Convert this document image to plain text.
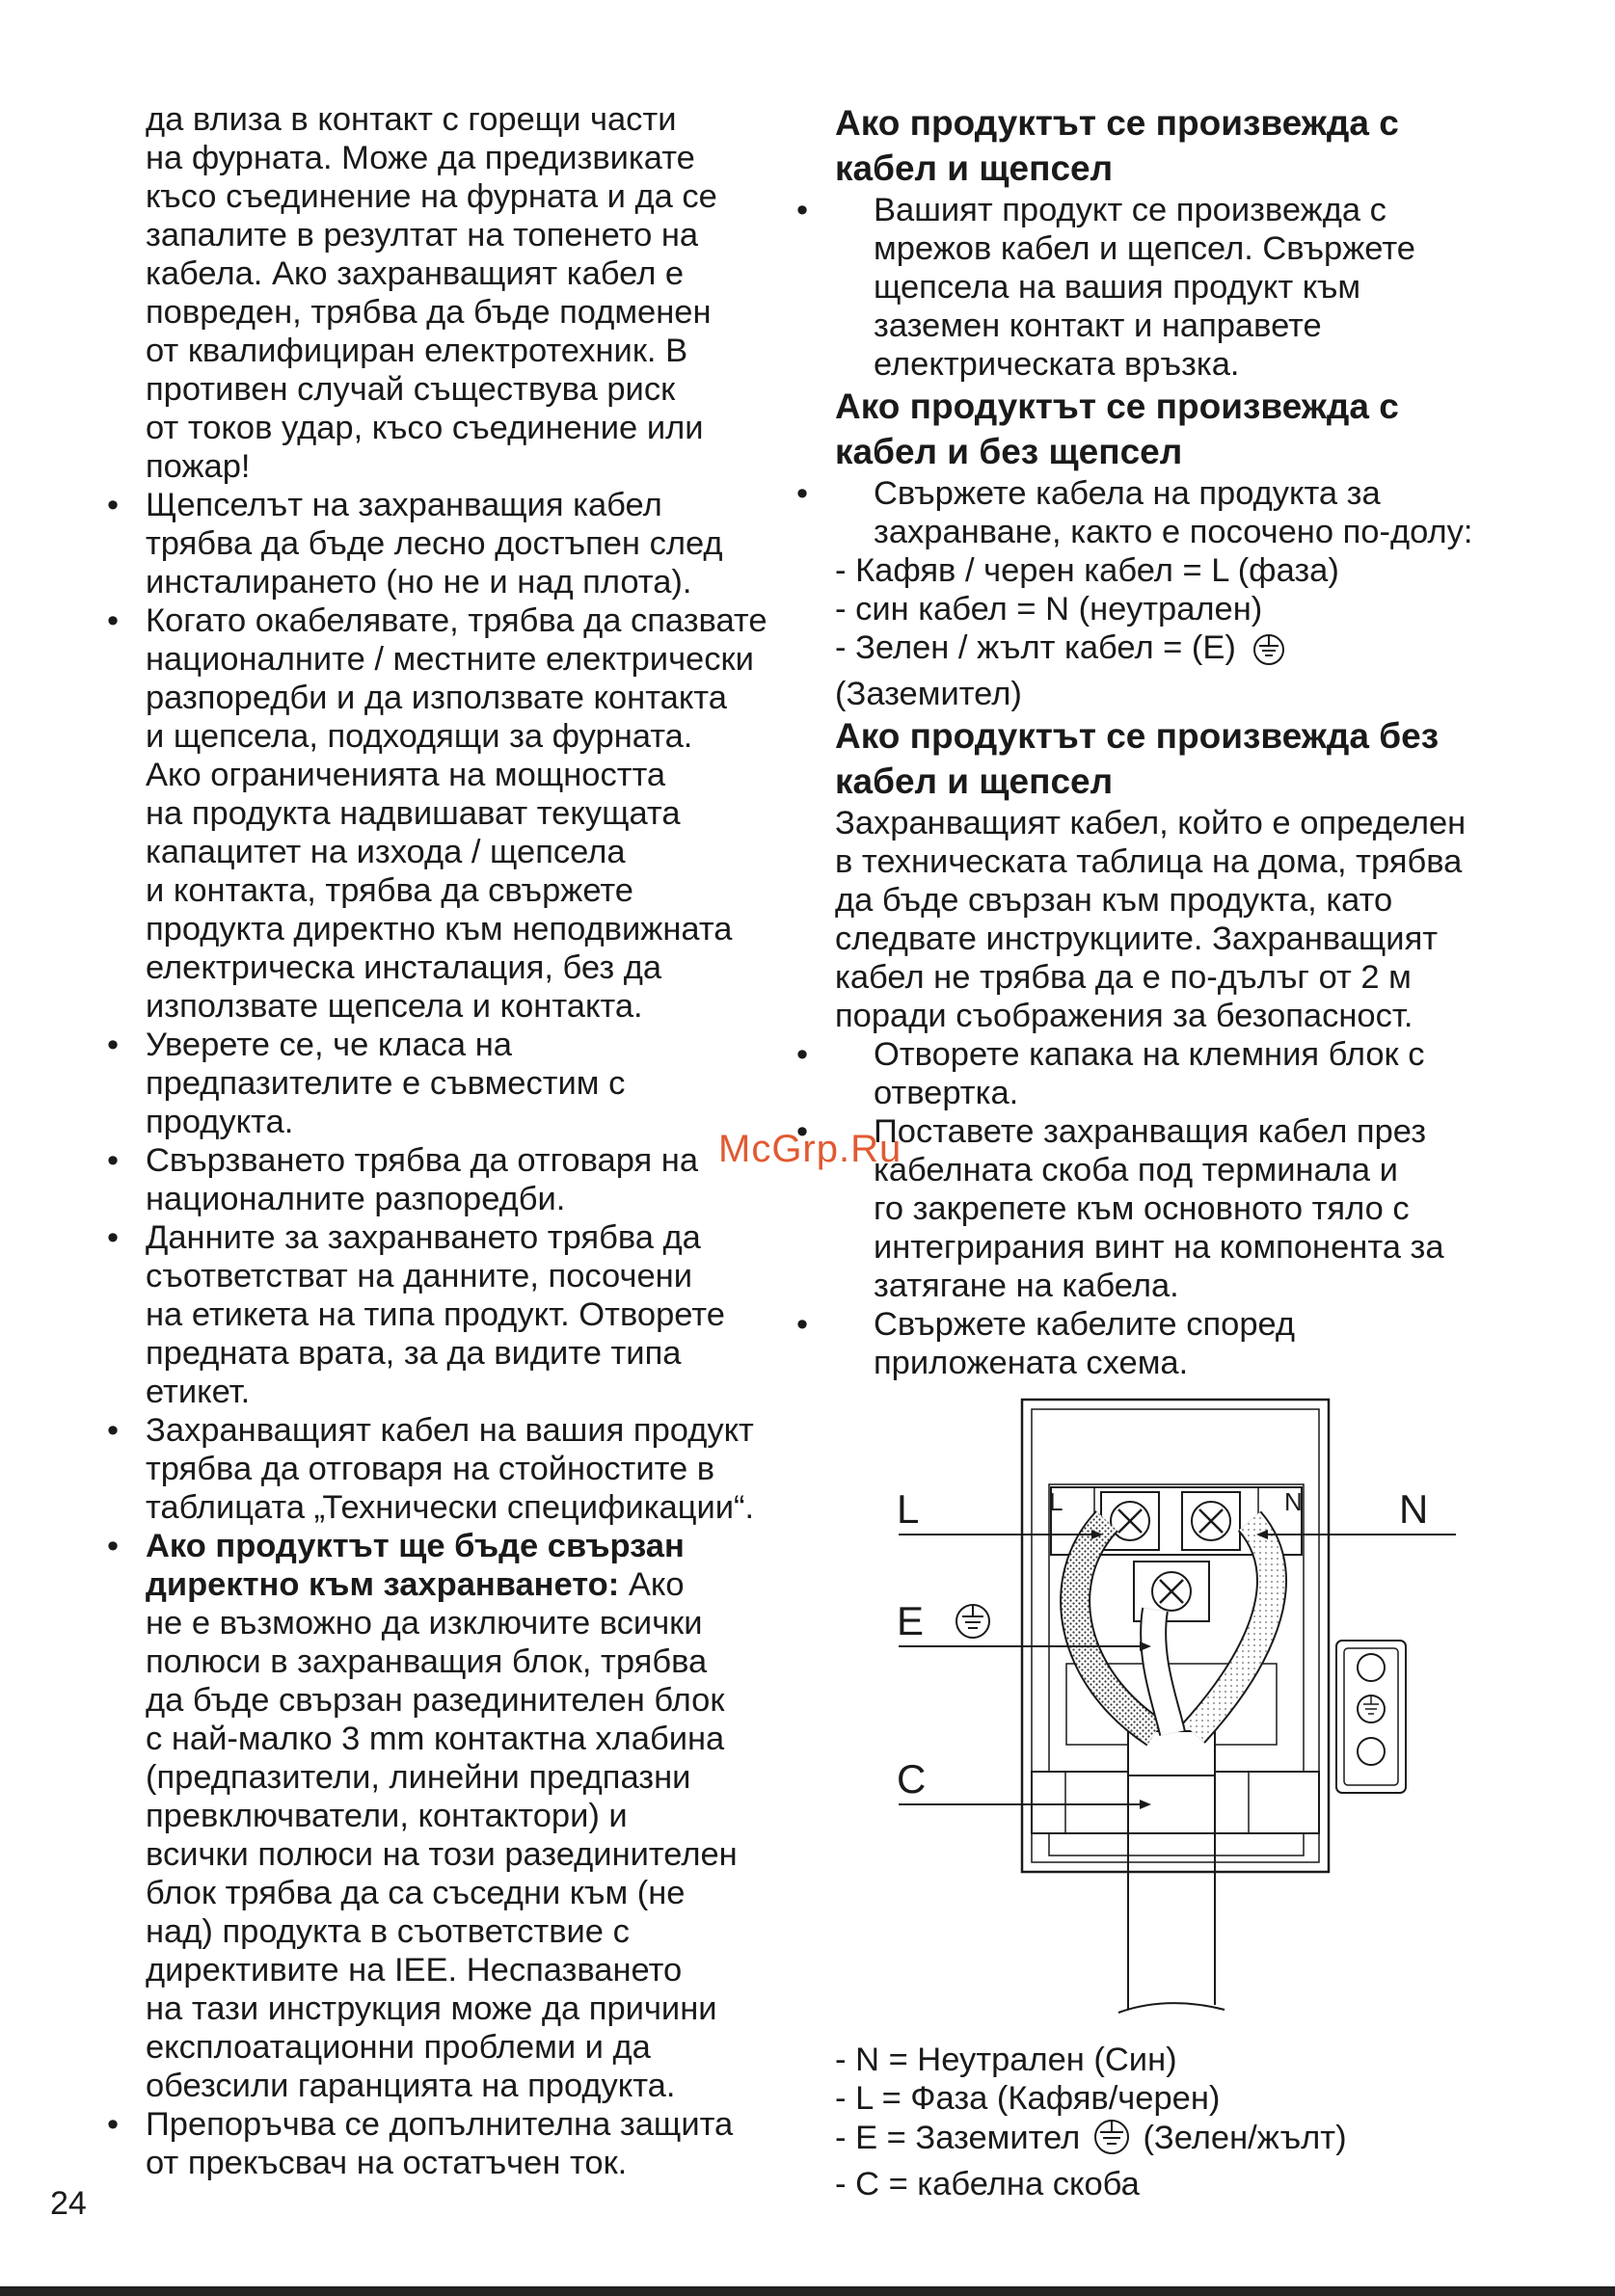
да влиза в контакт с горещи части

на фурната. Може да предизвикате

късо съединение на фурната и да се

запалите в резултат на топенето на

кабела. Ако захранващият кабел е

повреден, трябва да бъде подменен

от квалифициран електротехник. В

противен случай съществува риск

от токов удар, късо съединение или

пожар!

• Щепселът на захранващия кабел

трябва да бъде лесно достъпен след

инсталирането (но не и над плота).

• Когато окабелявате, трябва да спазвате

националните / местните електрически

разпоредби и да използвате контакта

и щепсела, подходящи за фурната.

Ако ограниченията на мощността

на продукта надвишават текущата

капацитет на изхода / щепсела

и контакта, трябва да свържете

продукта директно към неподвижната

електрическа инсталация, без да

използвате щепсела и контакта.

• Уверете се, че класа на

предпазителите е съвместим с

продукта.

• Свързването трябва да отговаря на

националните разпоредби.

• Данните за захранването трябва да

съответстват на данните, посочени

на етикета на типа продукт. Отворете

предната врата, за да видите типа

етикет.

• Захранващият кабел на вашия продукт

трябва да отговаря на стойностите в

таблицата „Технически спецификации“.

• Ако продуктът ще бъде свързан

директно към захранването: Ако

не е възможно да изключите всички

полюси в захранващия блок, трябва

да бъде свързан разединителен блок

с най-малко 3 mm контактна хлабина

(предпазители, линейни предпазни

превключватели, контактори) и

всички полюси на този разединителен

блок трябва да са съседни към (не

над) продукта в съответствие с

директивите на IEE. Неспазването

на тази инструкция може да причини

експлоатационни проблеми и да

обезсили гаранцията на продукта.

• Препоръчва се допълнителна защита

от прекъсвач на остатъчен ток.

Ако продуктът се произвежда с
кабел и щепсел

• Вашият продукт се произвежда с

мрежов кабел и щепсел. Свържете

щепсела на вашия продукт към

заземен контакт и направете

електрическата връзка.

Ако продуктът се произвежда с
кабел и без щепсел

• Свържете кабела на продукта за

захранване, както е посочено по-долу:

- Кафяв / черен кабел = L (фаза)

- син кабел = N (неутрален)

- Зелен / жълт кабел = (Е)

(Заземител)

Ако продуктът се произвежда без
кабел и щепсел

Захранващият кабел, който е определен

в техническата таблица на дома, трябва

да бъде свързан към продукта, като

следвате инструкциите. Захранващият

кабел не трябва да е по-дълъг от 2 м

поради съображения за безопасност.

• Отворете капака на клемния блок с

отвертка.

• Поставете захранващия кабел през

кабелната скоба под терминала и

го закрепете към основното тяло с

интегрирания винт на компонента за

затягане на кабела.

• Свържете кабелите според

приложената схема.

L	N
E
C
L	N

- N = Неутрален (Син)

- L = Фаза (Кафяв/черен)

- E = Заземител (Зелен/жълт)

- C = кабелна скоба

McGrp.Ru
24
